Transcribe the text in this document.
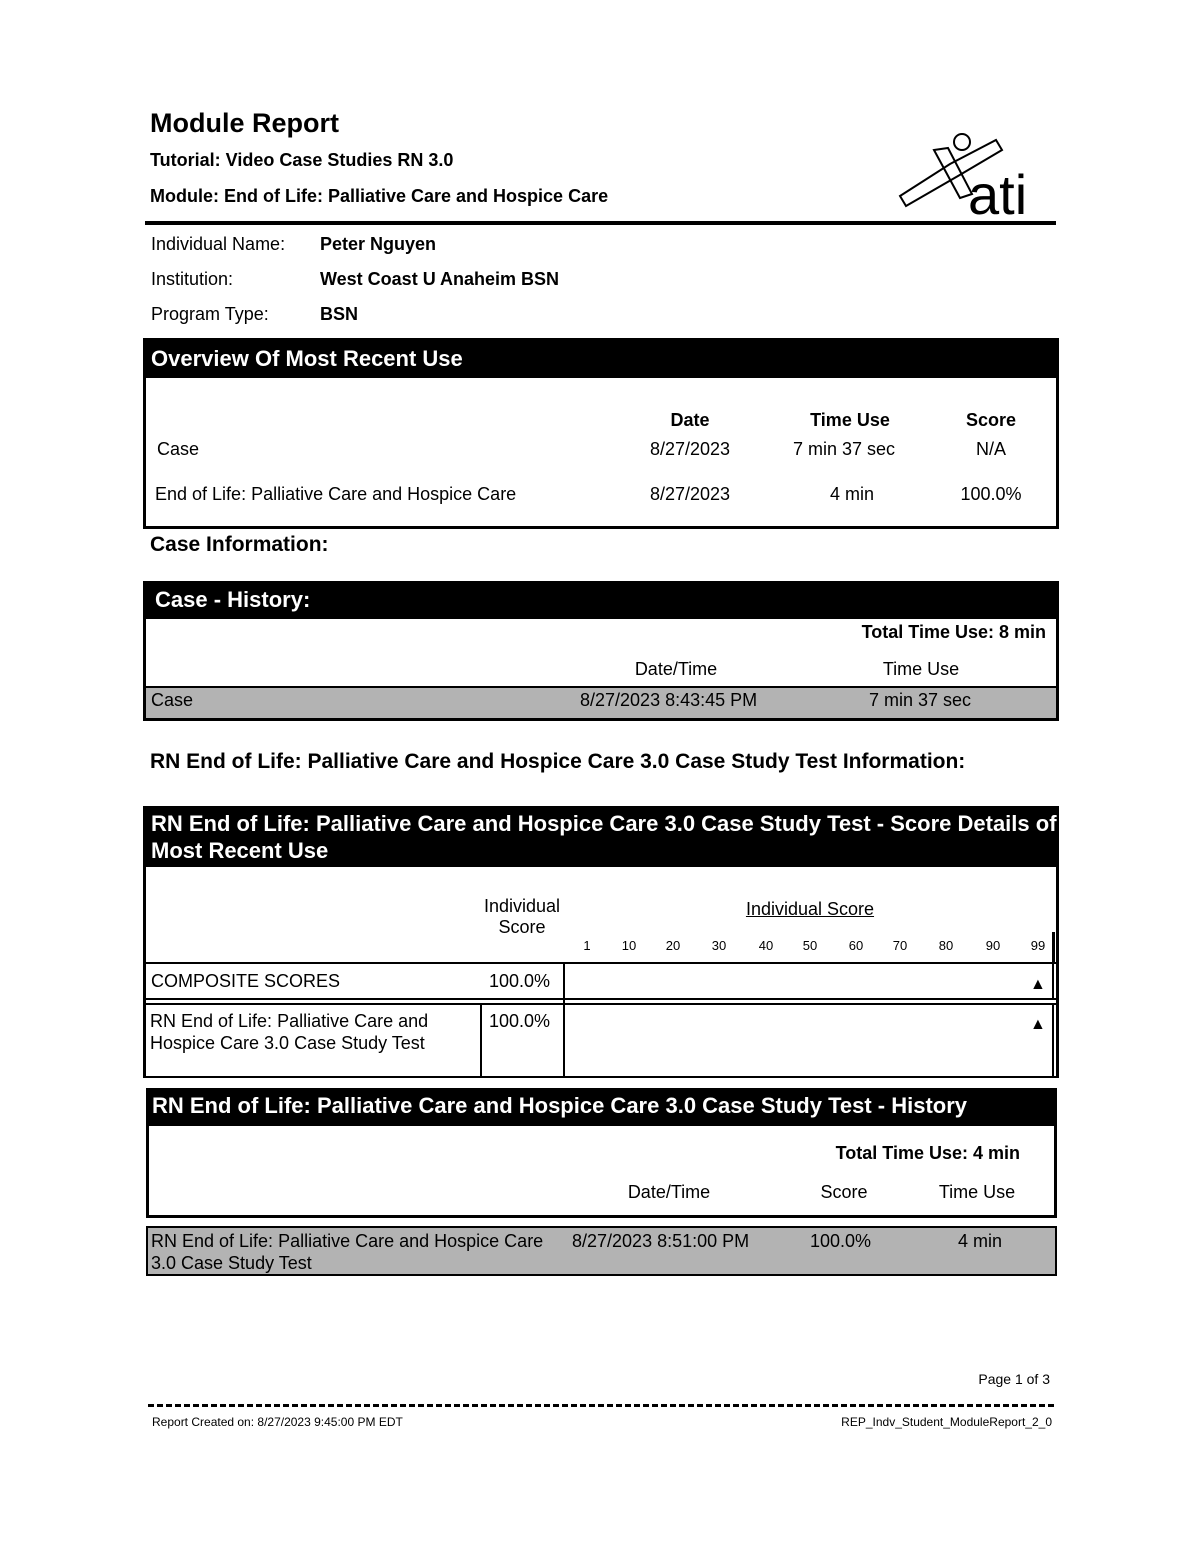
Module Report
Tutorial: Video Case Studies RN 3.0
Module: End of Life: Palliative Care and Hospice Care	ati
Individual Name: Peter Nguyen
Institution:	West Coast U Anaheim BSN
Program Type:	BSN
Overview Of Most Recent Use
Date	Time Use	Score
Case	8/27/2023	7 min 37 sec	N/A
End of Life: Palliative Care and Hospice Care	8/27/2023	4 min	100.0%
Case Information:
Case - History:
Total Time Use: 8 min
Date/Time	Time Use
Case	8/27/2023 8:43:45 PM	7 min 37 sec
RN End of Life: Palliative Care and Hospice Care 3.0 Case Study Test Information:
RN End of Life: Palliative Care and Hospice Care 3.0 Case Study Test - Score Details of Most Recent Use
Individual Score
Individual Score
1	10	20	30	40	50	60	70	80	90	99
COMPOSITE SCORES	100.0%	▲
RN End of Life: Palliative Care and Hospice Care 3.0 Case Study Test
100.0%	▲
RN End of Life: Palliative Care and Hospice Care 3.0 Case Study Test - History
Total Time Use: 4 min
Date/Time	Score	Time Use
RN End of Life: Palliative Care and Hospice Care 3.0 Case Study Test
8/27/2023 8:51:00 PM	100.0%	4 min
Page 1 of 3
Report Created on: 8/27/2023 9:45:00 PM EDT	REP_Indv_Student_ModuleReport_2_0
